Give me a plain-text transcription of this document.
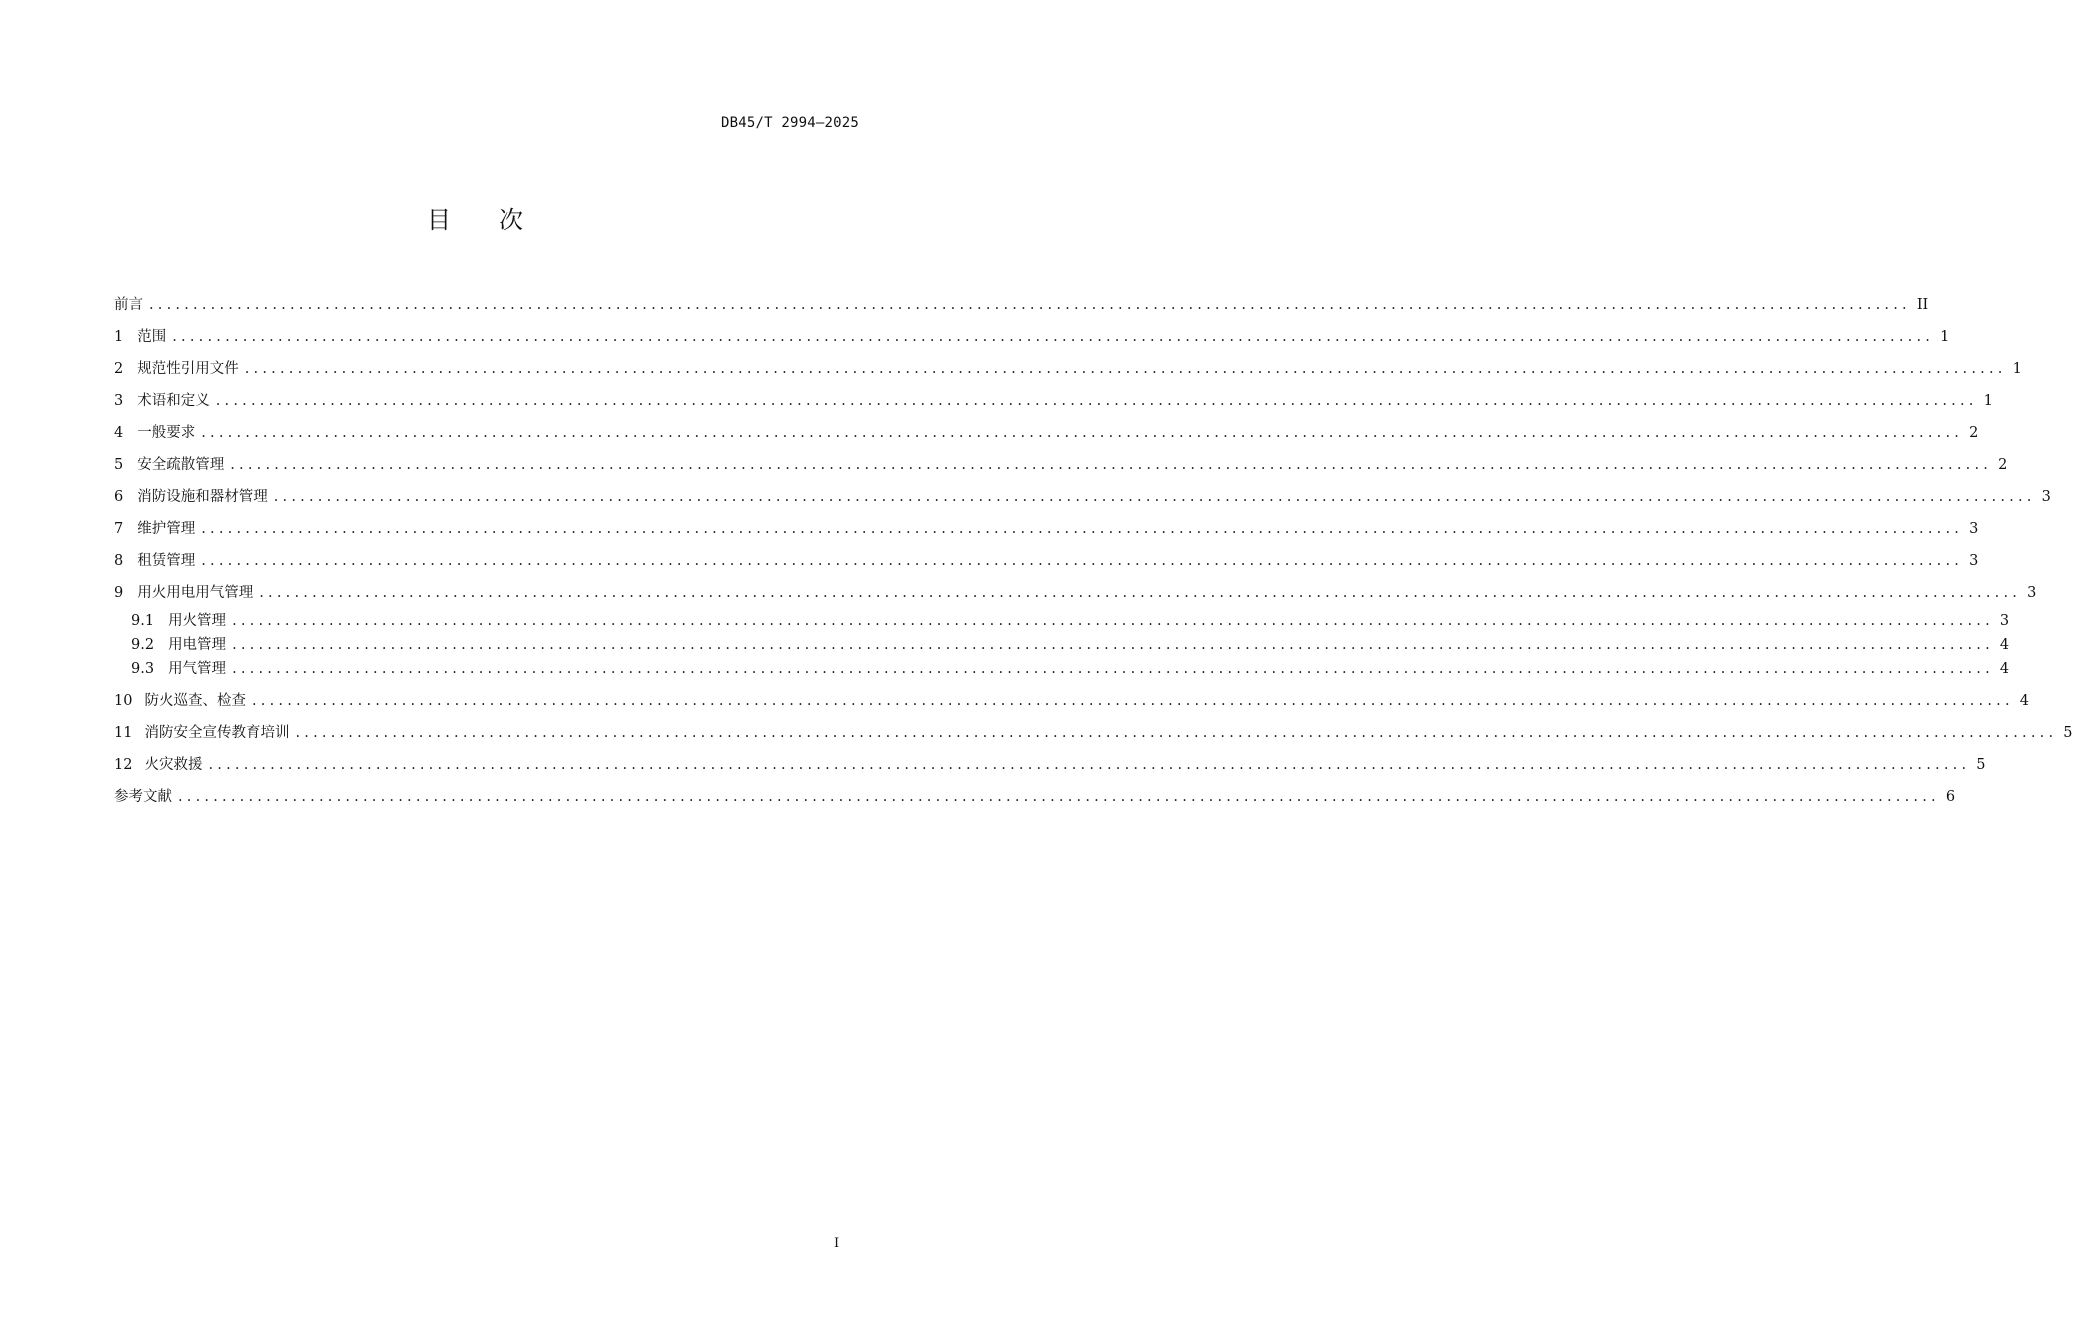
DB45/T 2994—2025
目 次
前言 ........................................................................................................................................................................................................ II
1 范围 ........................................................................................................................................................................................................ 1
2 规范性引用文件 ........................................................................................................................................................................................................ 1
3 术语和定义 ........................................................................................................................................................................................................ 1
4 一般要求 ........................................................................................................................................................................................................ 2
5 安全疏散管理 ........................................................................................................................................................................................................ 2
6 消防设施和器材管理 ........................................................................................................................................................................................................ 3
7 维护管理 ........................................................................................................................................................................................................ 3
8 租赁管理 ........................................................................................................................................................................................................ 3
9 用火用电用气管理 ........................................................................................................................................................................................................ 3
9.1 用火管理 ........................................................................................................................................................................................................ 3
9.2 用电管理 ........................................................................................................................................................................................................ 4
9.3 用气管理 ........................................................................................................................................................................................................ 4
10 防火巡查、检查 ........................................................................................................................................................................................................ 4
11 消防安全宣传教育培训 ........................................................................................................................................................................................................ 5
12 火灾救援 ........................................................................................................................................................................................................ 5
参考文献 ........................................................................................................................................................................................................ 6
I
